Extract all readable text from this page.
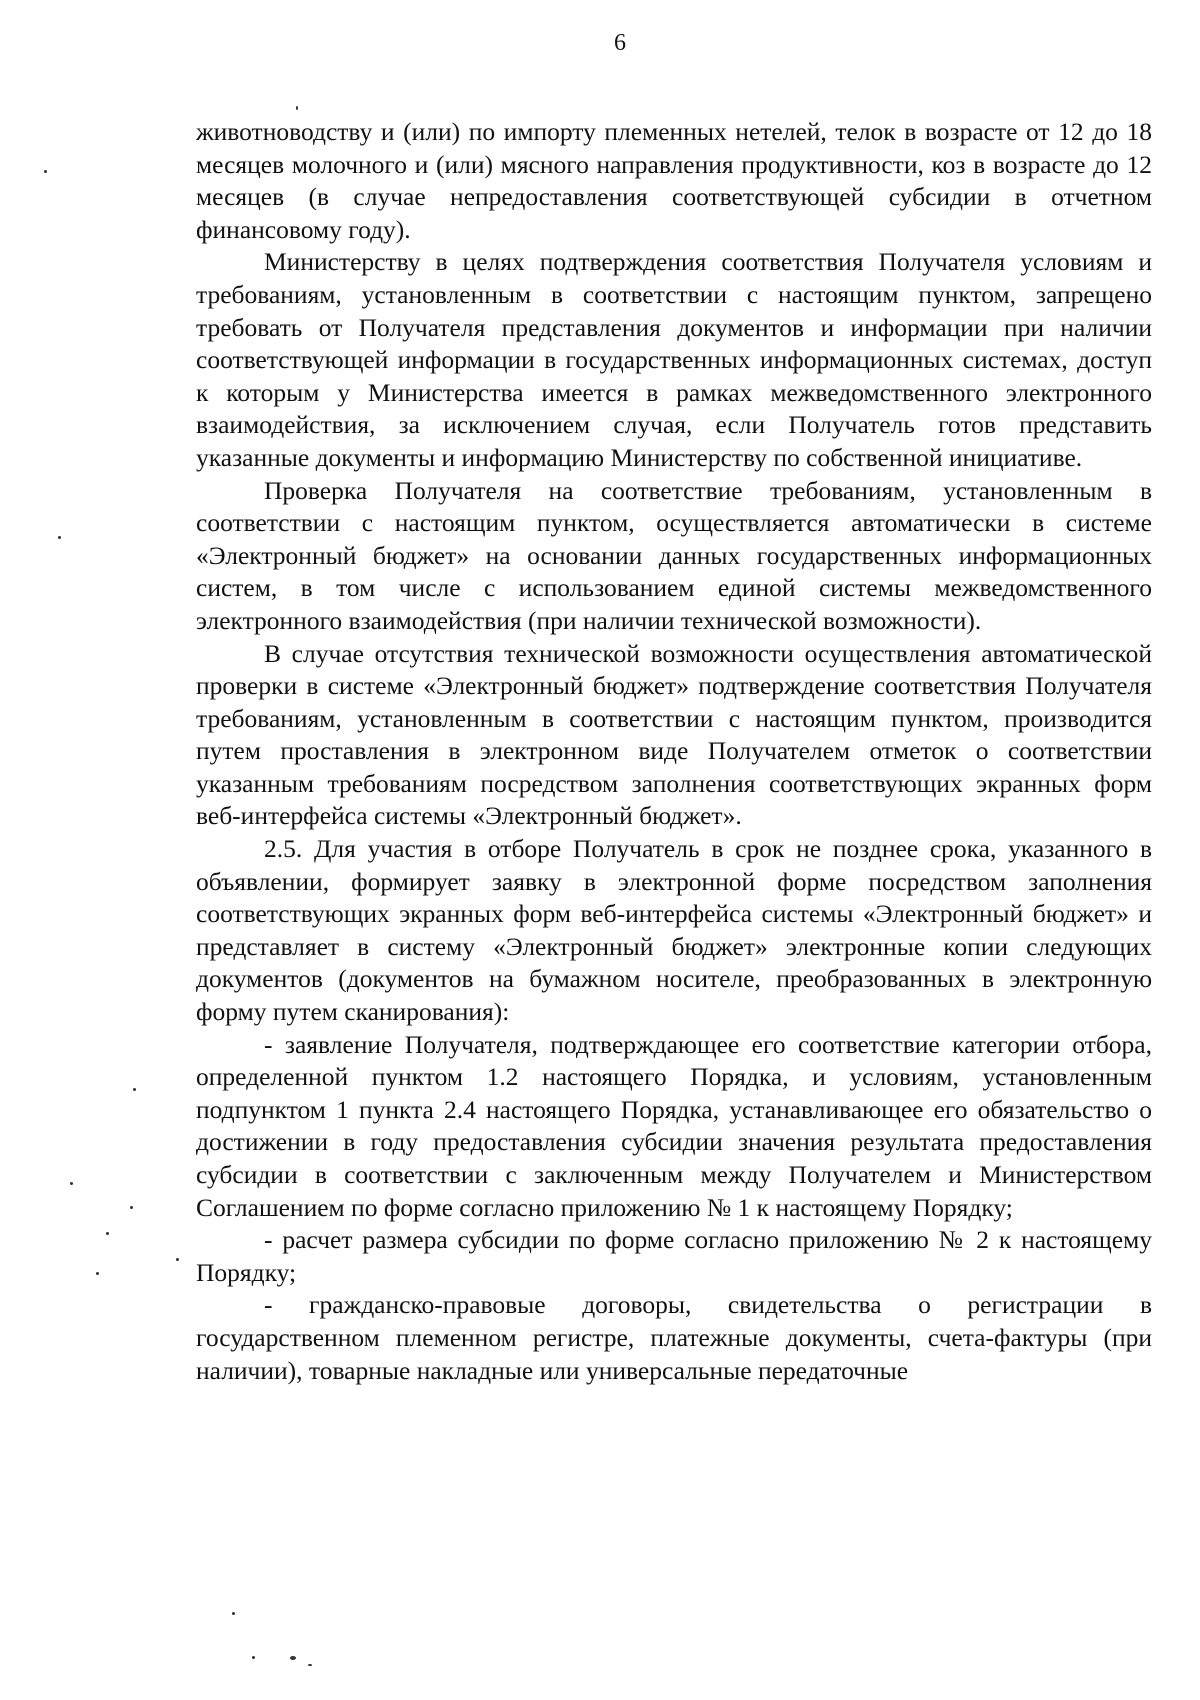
6

животноводству и (или) по импорту племенных нетелей, телок в возрасте от 12 до 18 месяцев молочного и (или) мясного направления продуктивности, коз в возрасте до 12 месяцев (в случае непредоставления соответствующей субсидии в отчетном финансовому году).

Министерству в целях подтверждения соответствия Получателя условиям и требованиям, установленным в соответствии с настоящим пунктом, запрещено требовать от Получателя представления документов и информации при наличии соответствующей информации в государственных информационных системах, доступ к которым у Министерства имеется в рамках межведомственного электронного взаимодействия, за исключением случая, если Получатель готов представить указанные документы и информацию Министерству по собственной инициативе.

Проверка Получателя на соответствие требованиям, установленным в соответствии с настоящим пунктом, осуществляется автоматически в системе «Электронный бюджет» на основании данных государственных информационных систем, в том числе с использованием единой системы межведомственного электронного взаимодействия (при наличии технической возможности).

В случае отсутствия технической возможности осуществления автоматической проверки в системе «Электронный бюджет» подтверждение соответствия Получателя требованиям, установленным в соответствии с настоящим пунктом, производится путем проставления в электронном виде Получателем отметок о соответствии указанным требованиям посредством заполнения соответствующих экранных форм веб-интерфейса системы «Электронный бюджет».

2.5. Для участия в отборе Получатель в срок не позднее срока, указанного в объявлении, формирует заявку в электронной форме посредством заполнения соответствующих экранных форм веб-интерфейса системы «Электронный бюджет» и представляет в систему «Электронный бюджет» электронные копии следующих документов (документов на бумажном носителе, преобразованных в электронную форму путем сканирования):

- заявление Получателя, подтверждающее его соответствие категории отбора, определенной пунктом 1.2 настоящего Порядка, и условиям, установленным подпунктом 1 пункта 2.4 настоящего Порядка, устанавливающее его обязательство о достижении в году предоставления субсидии значения результата предоставления субсидии в соответствии с заключенным между Получателем и Министерством Соглашением по форме согласно приложению № 1 к настоящему Порядку;

- расчет размера субсидии по форме согласно приложению № 2 к настоящему Порядку;

- гражданско-правовые договоры, свидетельства о регистрации в государственном племенном регистре, платежные документы, счета-фактуры (при наличии), товарные накладные или универсальные передаточные
